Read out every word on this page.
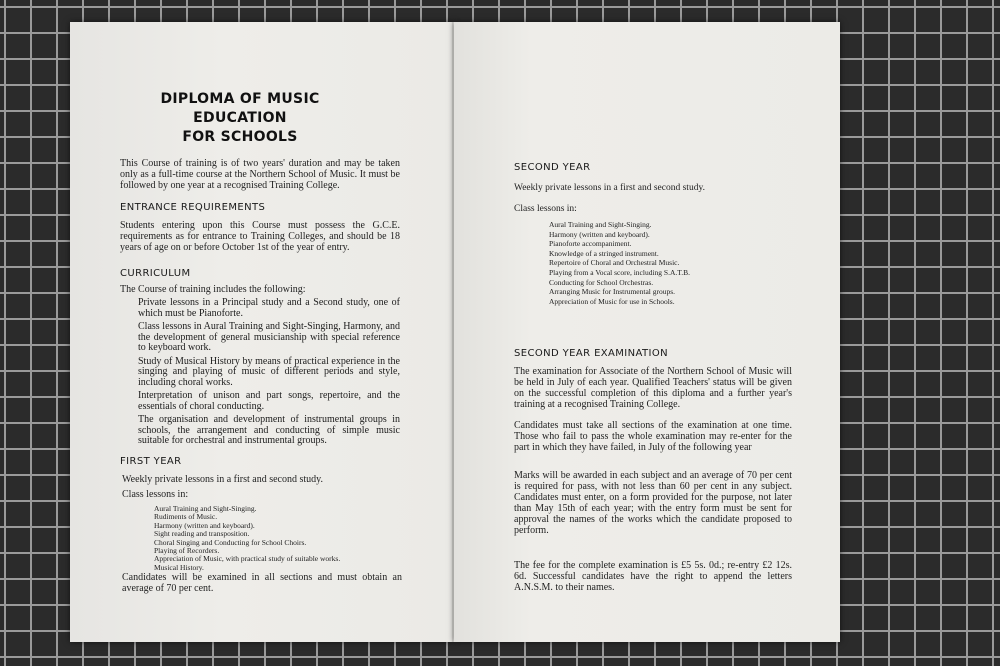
DIPLOMA OF MUSIC EDUCATION
FOR SCHOOLS

This Course of training is of two years' duration and may be taken only as a full-time course at the Northern School of Music. It must be followed by one year at a recognised Training College.

ENTRANCE REQUIREMENTS

Students entering upon this Course must possess the G.C.E. requirements as for entrance to Training Colleges, and should be 18 years of age on or before October 1st of the year of entry.

CURRICULUM

The Course of training includes the following:

Private lessons in a Principal study and a Second study, one of which must be Pianoforte.
Class lessons in Aural Training and Sight-Singing, Harmony, and the development of general musicianship with special reference to keyboard work.
Study of Musical History by means of practical experience in the singing and playing of music of different periods and style, including choral works.
Interpretation of unison and part songs, repertoire, and the essentials of choral conducting.
The organisation and development of instrumental groups in schools, the arrangement and conducting of simple music suitable for orchestral and instrumental groups.

FIRST YEAR

Weekly private lessons in a first and second study.

Class lessons in:

Aural Training and Sight-Singing.
Rudiments of Music.
Harmony (written and keyboard).
Sight reading and transposition.
Choral Singing and Conducting for School Choirs.
Playing of Recorders.
Appreciation of Music, with practical study of suitable works.
Musical History.

Candidates will be examined in all sections and must obtain an average of 70 per cent.

SECOND YEAR

Weekly private lessons in a first and second study.

Class lessons in:

Aural Training and Sight-Singing.
Harmony (written and keyboard).
Pianoforte accompaniment.
Knowledge of a stringed instrument.
Repertoire of Choral and Orchestral Music.
Playing from a Vocal score, including S.A.T.B.
Conducting for School Orchestras.
Arranging Music for Instrumental groups.
Appreciation of Music for use in Schools.

SECOND YEAR EXAMINATION

The examination for Associate of the Northern School of Music will be held in July of each year. Qualified Teachers' status will be given on the successful completion of this diploma and a further year's training at a recognised Training College.

Candidates must take all sections of the examination at one time. Those who fail to pass the whole examination may re-enter for the part in which they have failed, in July of the following year

Marks will be awarded in each subject and an average of 70 per cent is required for pass, with not less than 60 per cent in any subject. Candidates must enter, on a form provided for the purpose, not later than May 15th of each year; with the entry form must be sent for approval the names of the works which the candidate proposed to perform.

The fee for the complete examination is £5 5s. 0d.; re-entry £2 12s. 6d. Successful candidates have the right to append the letters A.N.S.M. to their names.
